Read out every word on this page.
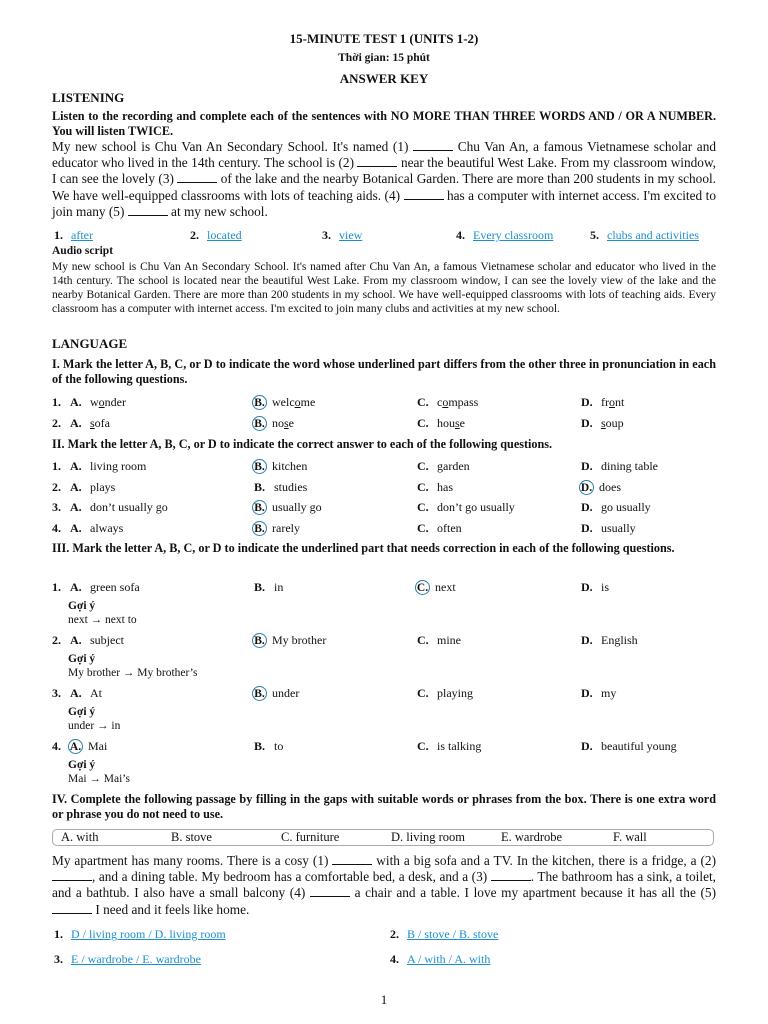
15-MINUTE TEST 1 (UNITS 1-2)
Thời gian: 15 phút
ANSWER KEY
LISTENING
Listen to the recording and complete each of the sentences with NO MORE THAN THREE WORDS AND / OR A NUMBER. You will listen TWICE.
My new school is Chu Van An Secondary School. It's named (1)	Chu Van An, a famous Vietnamese scholar and educator who lived in the 14th century. The school is (2)	near the beautiful West Lake. From my classroom window, I can see the lovely (3)	of the lake and the nearby Botanical Garden. There are more than 200 students in my school. We have well-equipped classrooms with lots of teaching aids. (4)	has a computer with internet access. I'm excited to join many (5)	at my new school.
1. after	2. located	3. view	4. Every classroom	5. clubs and activities
Audio script
My new school is Chu Van An Secondary School. It's named after Chu Van An, a famous Vietnamese scholar and educator who lived in the 14th century. The school is located near the beautiful West Lake. From my classroom window, I can see the lovely view of the lake and the nearby Botanical Garden. There are more than 200 students in my school. We have well-equipped classrooms with lots of teaching aids. Every classroom has a computer with internet access. I'm excited to join many clubs and activities at my new school.
LANGUAGE
I. Mark the letter A, B, C, or D to indicate the word whose underlined part differs from the other three in pronunciation in each of the following questions.
1. A. wonder	B. welcome	C. compass	D. front
2. A. sofa	B. nose	C. house	D. soup
II. Mark the letter A, B, C, or D to indicate the correct answer to each of the following questions.
1. A. living room	B. kitchen	C. garden	D. dining table
2. A. plays	B. studies	C. has	D. does
3. A. don’t usually go	B. usually go	C. don’t go usually	D. go usually
4. A. always	B. rarely	C. often	D. usually
III. Mark the letter A, B, C, or D to indicate the underlined part that needs correction in each of the following questions.
1. A. green sofa	B. in	C. next	D. is
2. A. subject	B. My brother	C. mine	D. English
3. A. At	B. under	C. playing	D. my
4. A. Mai	B. to	C. is talking	D. beautiful young
Gợi ý
next → next to
Gợi ý
My brother → My brother’s
Gợi ý
under → in
Gợi ý
Mai → Mai’s
IV. Complete the following passage by filling in the gaps with suitable words or phrases from the box. There is one extra word or phrase you do not need to use.
A. with	B. stove	C. furniture	D. living room	E. wardrobe	F. wall
My apartment has many rooms. There is a cosy (1)	with a big sofa and a TV. In the kitchen, there is a fridge, a (2) , and a dining table. My bedroom has a comfortable bed, a desk, and a (3)	. The bathroom has a sink, a toilet, and a bathtub. I also have a small balcony (4)	a chair and a table. I love my apartment because it has all the (5)  I need and it feels like home.
1. D / living room / D. living room	2. B / stove / B. stove
3. E / wardrobe / E. wardrobe	4. A / with / A. with
1
